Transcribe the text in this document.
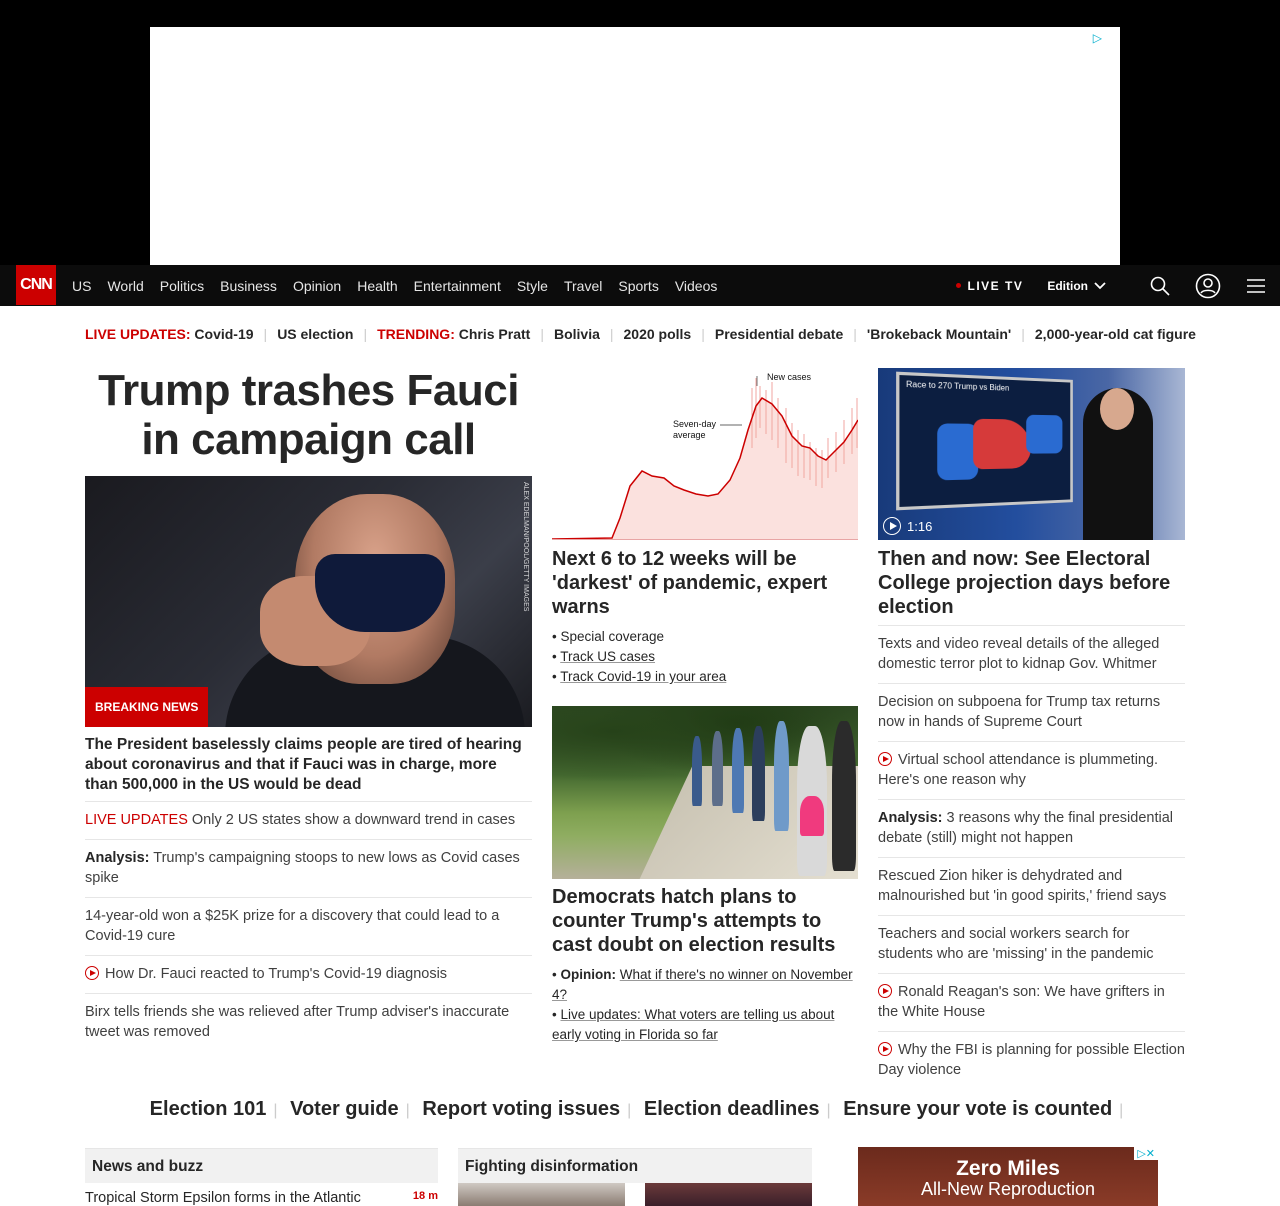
▷
CNN US World Politics Business Opinion Health Entertainment Style Travel Sports Videos	LIVE TV Edition
LIVE UPDATES:
Covid-19 | US election | TRENDING:
Chris Pratt | Bolivia | 2020 polls | Presidential debate | 'Brokeback Mountain' | 2,000-year-old cat figure
Trump trashes Fauci in campaign call
ALEX EDELMAN/POOL/GETTY IMAGES
BREAKING NEWS
The President baselessly claims people are tired of hearing about coronavirus and that if Fauci was in charge, more than 500,000 in the US would be dead
LIVE UPDATES Only 2 US states show a downward trend in cases
Analysis: Trump's campaigning stoops to new lows as Covid cases spike
14-year-old won a $25K prize for a discovery that could lead to a Covid-19 cure
How Dr. Fauci reacted to Trump's Covid-19 diagnosis
Birx tells friends she was relieved after Trump adviser's inaccurate tweet was removed
New cases
Seven-day
average
Next 6 to 12 weeks will be 'darkest' of pandemic, expert warns
• Special coverage
• Track US cases
• Track Covid-19 in your area
Democrats hatch plans to counter Trump's attempts to cast doubt on election results
• Opinion: What if there's no winner on November 4?
• Live updates: What voters are telling us about early voting in Florida so far
Race to 270 Trump vs Biden
1:16
Then and now: See Electoral College projection days before election
Texts and video reveal details of the alleged domestic terror plot to kidnap Gov. Whitmer
Decision on subpoena for Trump tax returns now in hands of Supreme Court
Virtual school attendance is plummeting. Here's one reason why
Analysis: 3 reasons why the final presidential debate (still) might not happen
Rescued Zion hiker is dehydrated and malnourished but 'in good spirits,' friend says
Teachers and social workers search for students who are 'missing' in the pandemic
Ronald Reagan's son: We have grifters in the White House
Why the FBI is planning for possible Election Day violence
Election 101 | Voter guide | Report voting issues | Election deadlines | Ensure your vote is counted |
News and buzz
Tropical Storm Epsilon forms in the Atlantic	18 m
Fighting disinformation	Zero Miles
All-New Reproduction
▷✕
